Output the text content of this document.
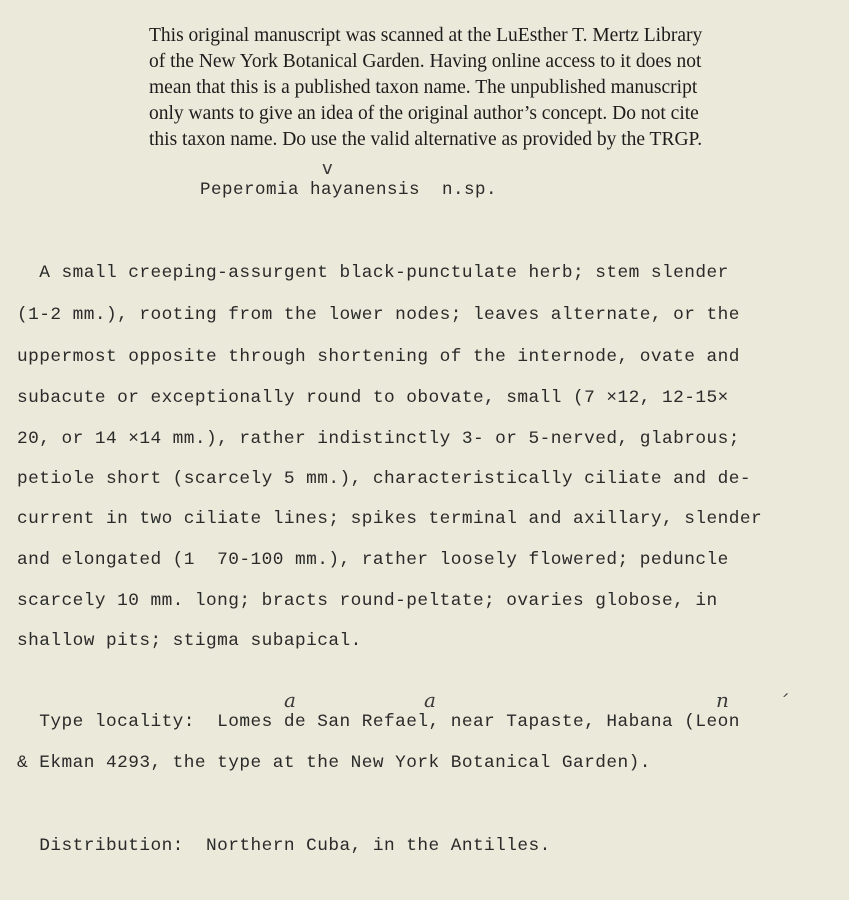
This original manuscript was scanned at the LuEsther T. Mertz Library
of the New York Botanical Garden. Having online access to it does not
mean that this is a published taxon name. The unpublished manuscript
only wants to give an idea of the original author’s concept. Do not cite
this taxon name. Do use the valid alternative as provided by the TRGP.
v
Peperomia hayanensis  n.sp.
A small creeping-assurgent black-punctulate herb; stem slender
(1-2 mm.), rooting from the lower nodes; leaves alternate, or the
uppermost opposite through shortening of the internode, ovate and
subacute or exceptionally round to obovate, small (7 ×12, 12-15×
20, or 14 ×14 mm.), rather indistinctly 3- or 5-nerved, glabrous;
petiole short (scarcely 5 mm.), characteristically ciliate and de-
current in two ciliate lines; spikes terminal and axillary, slender
and elongated (1  70-100 mm.), rather loosely flowered; peduncle
scarcely 10 mm. long; bracts round-peltate; ovaries globose, in
shallow pits; stigma subapical.
a	a	n ´
Type locality:  Lomes de San Refael, near Tapaste, Habana (Leon
& Ekman 4293, the type at the New York Botanical Garden).
Distribution:  Northern Cuba, in the Antilles.
